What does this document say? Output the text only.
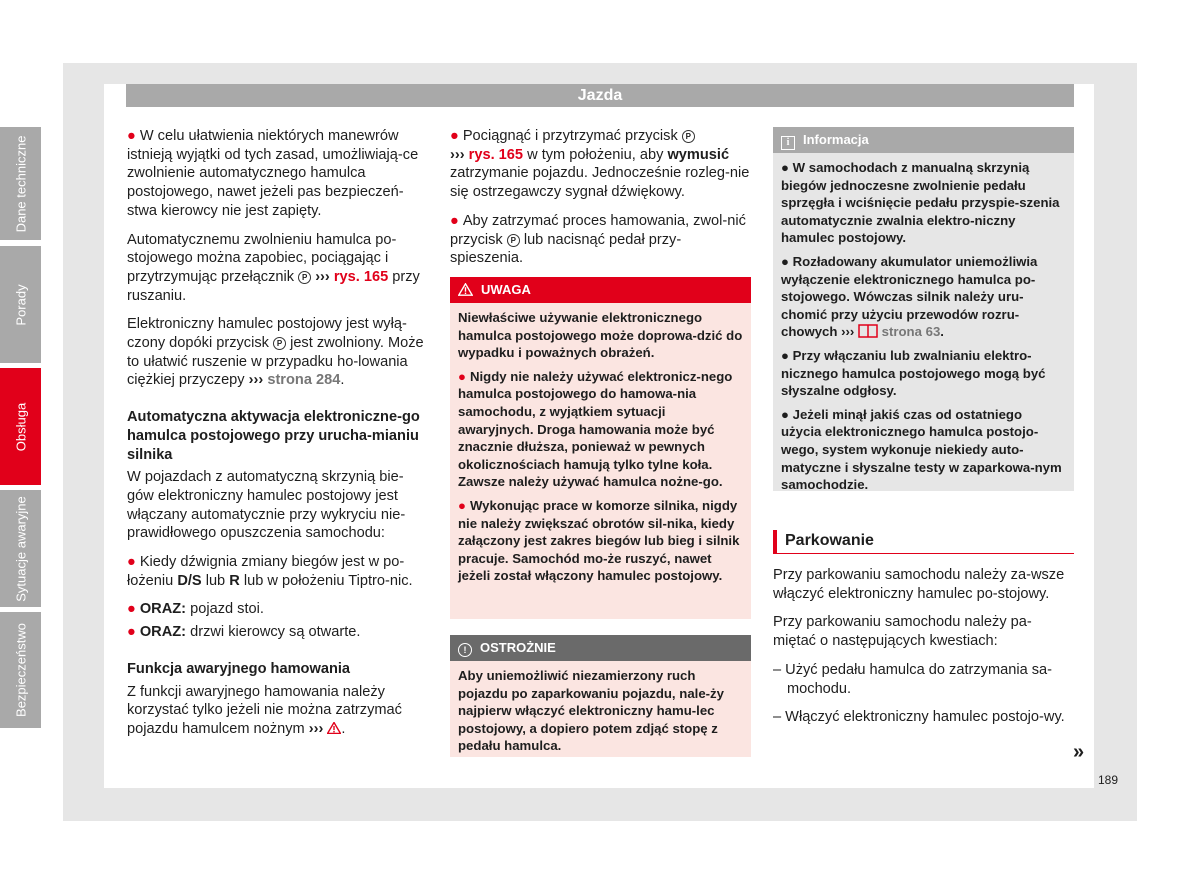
Jazda

● W celu ułatwienia niektórych manewrów istnieją wyjątki od tych zasad, umożliwiają-ce zwolnienie automatycznego hamulca postojowego, nawet jeżeli pas bezpieczeń-stwa kierowcy nie jest zapięty.

Automatycznemu zwolnieniu hamulca po-stojowego można zapobiec, pociągając i przytrzymując przełącznik P ››› rys. 165 przy ruszaniu.

Elektroniczny hamulec postojowy jest wyłą-czony dopóki przycisk P jest zwolniony. Może to ułatwić ruszenie w przypadku ho-lowania ciężkiej przyczepy ››› strona 284.

Automatyczna aktywacja elektroniczne-go hamulca postojowego przy urucha-mianiu silnika

W pojazdach z automatyczną skrzynią bie-gów elektroniczny hamulec postojowy jest włączany automatycznie przy wykryciu nie-prawidłowego opuszczenia samochodu:

● Kiedy dźwignia zmiany biegów jest w po-łożeniu D/S lub R lub w położeniu Tiptro-nic.

● ORAZ: pojazd stoi.

● ORAZ: drzwi kierowcy są otwarte.

Funkcja awaryjnego hamowania

Z funkcji awaryjnego hamowania należy korzystać tylko jeżeli nie można zatrzymać pojazdu hamulcem nożnym ››› .

● Pociągnąć i przytrzymać przycisk P
››› rys. 165 w tym położeniu, aby wymusić zatrzymanie pojazdu. Jednocześnie rozleg-nie się ostrzegawczy sygnał dźwiękowy.

● Aby zatrzymać proces hamowania, zwol-nić przycisk P lub nacisnąć pedał przy-spieszenia.

UWAGA

Niewłaściwe używanie elektronicznego hamulca postojowego może doprowa-dzić do wypadku i poważnych obrażeń.

● Nigdy nie należy używać elektronicz-nego hamulca postojowego do hamowa-nia samochodu, z wyjątkiem sytuacji awaryjnych. Droga hamowania może być znacznie dłuższa, ponieważ w pewnych okolicznościach hamują tylko tylne koła. Zawsze należy używać hamulca nożne-go.

● Wykonując prace w komorze silnika, nigdy nie należy zwiększać obrotów sil-nika, kiedy załączony jest zakres biegów lub bieg i silnik pracuje. Samochód mo-że ruszyć, nawet jeżeli został włączony hamulec postojowy.

! OSTROŻNIE

Aby uniemożliwić niezamierzony ruch pojazdu po zaparkowaniu pojazdu, nale-ży najpierw włączyć elektroniczny hamu-lec postojowy, a dopiero potem zdjąć stopę z pedału hamulca.

i Informacja

● W samochodach z manualną skrzynią biegów jednoczesne zwolnienie pedału sprzęgła i wciśnięcie pedału przyspie-szenia automatycznie zwalnia elektro-niczny hamulec postojowy.

● Rozładowany akumulator uniemożliwia wyłączenie elektronicznego hamulca po-stojowego. Wówczas silnik należy uru-chomić przy użyciu przewodów rozru-chowych ››› strona 63.

● Przy włączaniu lub zwalnianiu elektro-nicznego hamulca postojowego mogą być słyszalne odgłosy.

● Jeżeli minął jakiś czas od ostatniego użycia elektronicznego hamulca postojo-wego, system wykonuje niekiedy auto-matyczne i słyszalne testy w zaparkowa-nym samochodzie.

Parkowanie

Przy parkowaniu samochodu należy za-wsze włączyć elektroniczny hamulec po-stojowy.

Przy parkowaniu samochodu należy pa-miętać o następujących kwestiach:

– Użyć pedału hamulca do zatrzymania sa-mochodu.

– Włączyć elektroniczny hamulec postojo-wy.

»
Dane techniczne
Porady
Obsługa
Sytuacje awaryjne
Bezpieczeństwo
189
